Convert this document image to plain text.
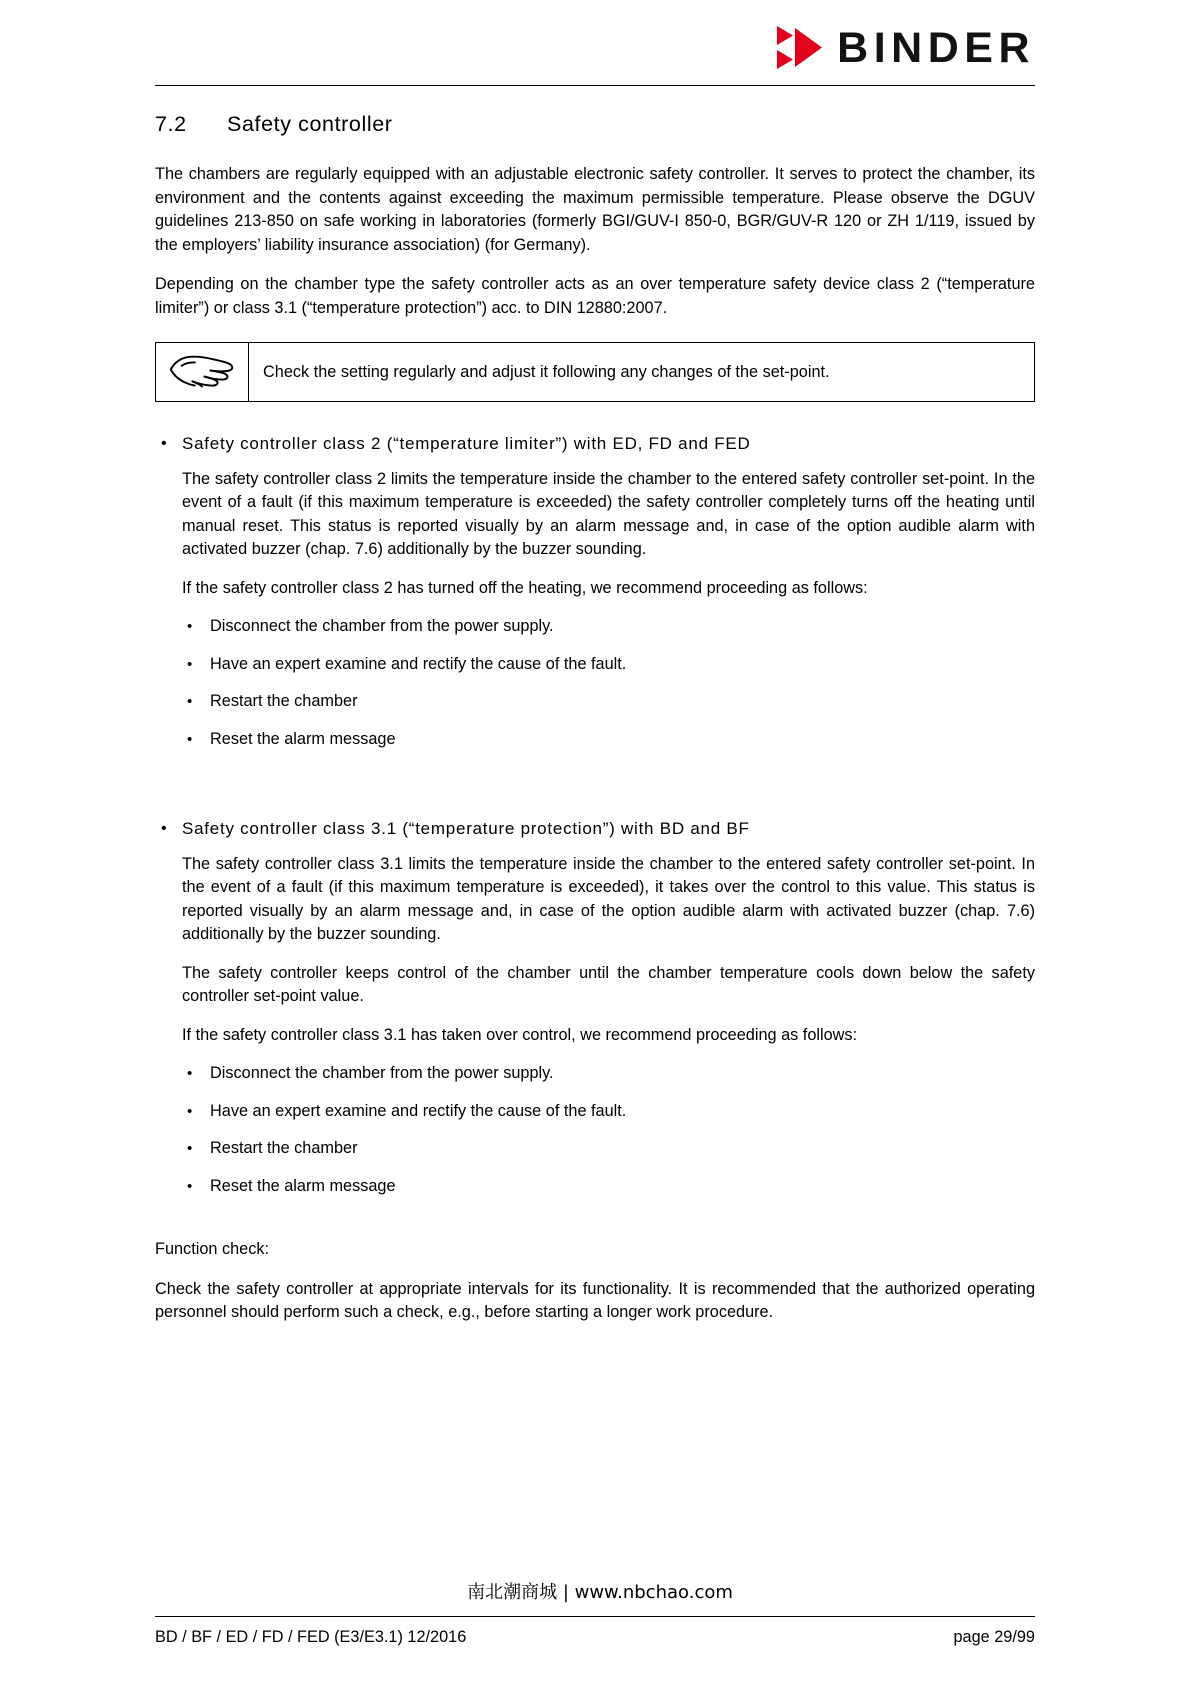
BINDER
7.2	Safety controller

The chambers are regularly equipped with an adjustable electronic safety controller. It serves to protect the chamber, its environment and the contents against exceeding the maximum permissible temperature. Please observe the DGUV guidelines 213-850 on safe working in laboratories (formerly BGI/GUV-I 850-0, BGR/GUV-R 120 or ZH 1/119, issued by the employers’ liability insurance association) (for Germany).

Depending on the chamber type the safety controller acts as an over temperature safety device class 2 (“temperature limiter”) or class 3.1 (“temperature protection”) acc. to DIN 12880:2007.

Check the setting regularly and adjust it following any changes of the set-point.
• Safety controller class 2 (“temperature limiter”) with ED, FD and FED

The safety controller class 2 limits the temperature inside the chamber to the entered safety controller set-point. In the event of a fault (if this maximum temperature is exceeded) the safety controller completely turns off the heating until manual reset. This status is reported visually by an alarm message and, in case of the option audible alarm with activated buzzer (chap. 7.6) additionally by the buzzer sounding.

If the safety controller class 2 has turned off the heating, we recommend proceeding as follows:

•	Disconnect the chamber from the power supply.
•	Have an expert examine and rectify the cause of the fault.
•	Restart the chamber
•	Reset the alarm message
• Safety controller class 3.1 (“temperature protection”) with BD and BF

The safety controller class 3.1 limits the temperature inside the chamber to the entered safety controller set-point. In the event of a fault (if this maximum temperature is exceeded), it takes over the control to this value. This status is reported visually by an alarm message and, in case of the option audible alarm with activated buzzer (chap. 7.6) additionally by the buzzer sounding.

The safety controller keeps control of the chamber until the chamber temperature cools down below the safety controller set-point value.

If the safety controller class 3.1 has taken over control, we recommend proceeding as follows:

•	Disconnect the chamber from the power supply.
•	Have an expert examine and rectify the cause of the fault.
•	Restart the chamber
•	Reset the alarm message

Function check:

Check the safety controller at appropriate intervals for its functionality. It is recommended that the authorized operating personnel should perform such a check, e.g., before starting a longer work procedure.

南北潮商城 | www.nbchao.com
BD / BF / ED / FD / FED (E3/E3.1) 12/2016	page 29/99
